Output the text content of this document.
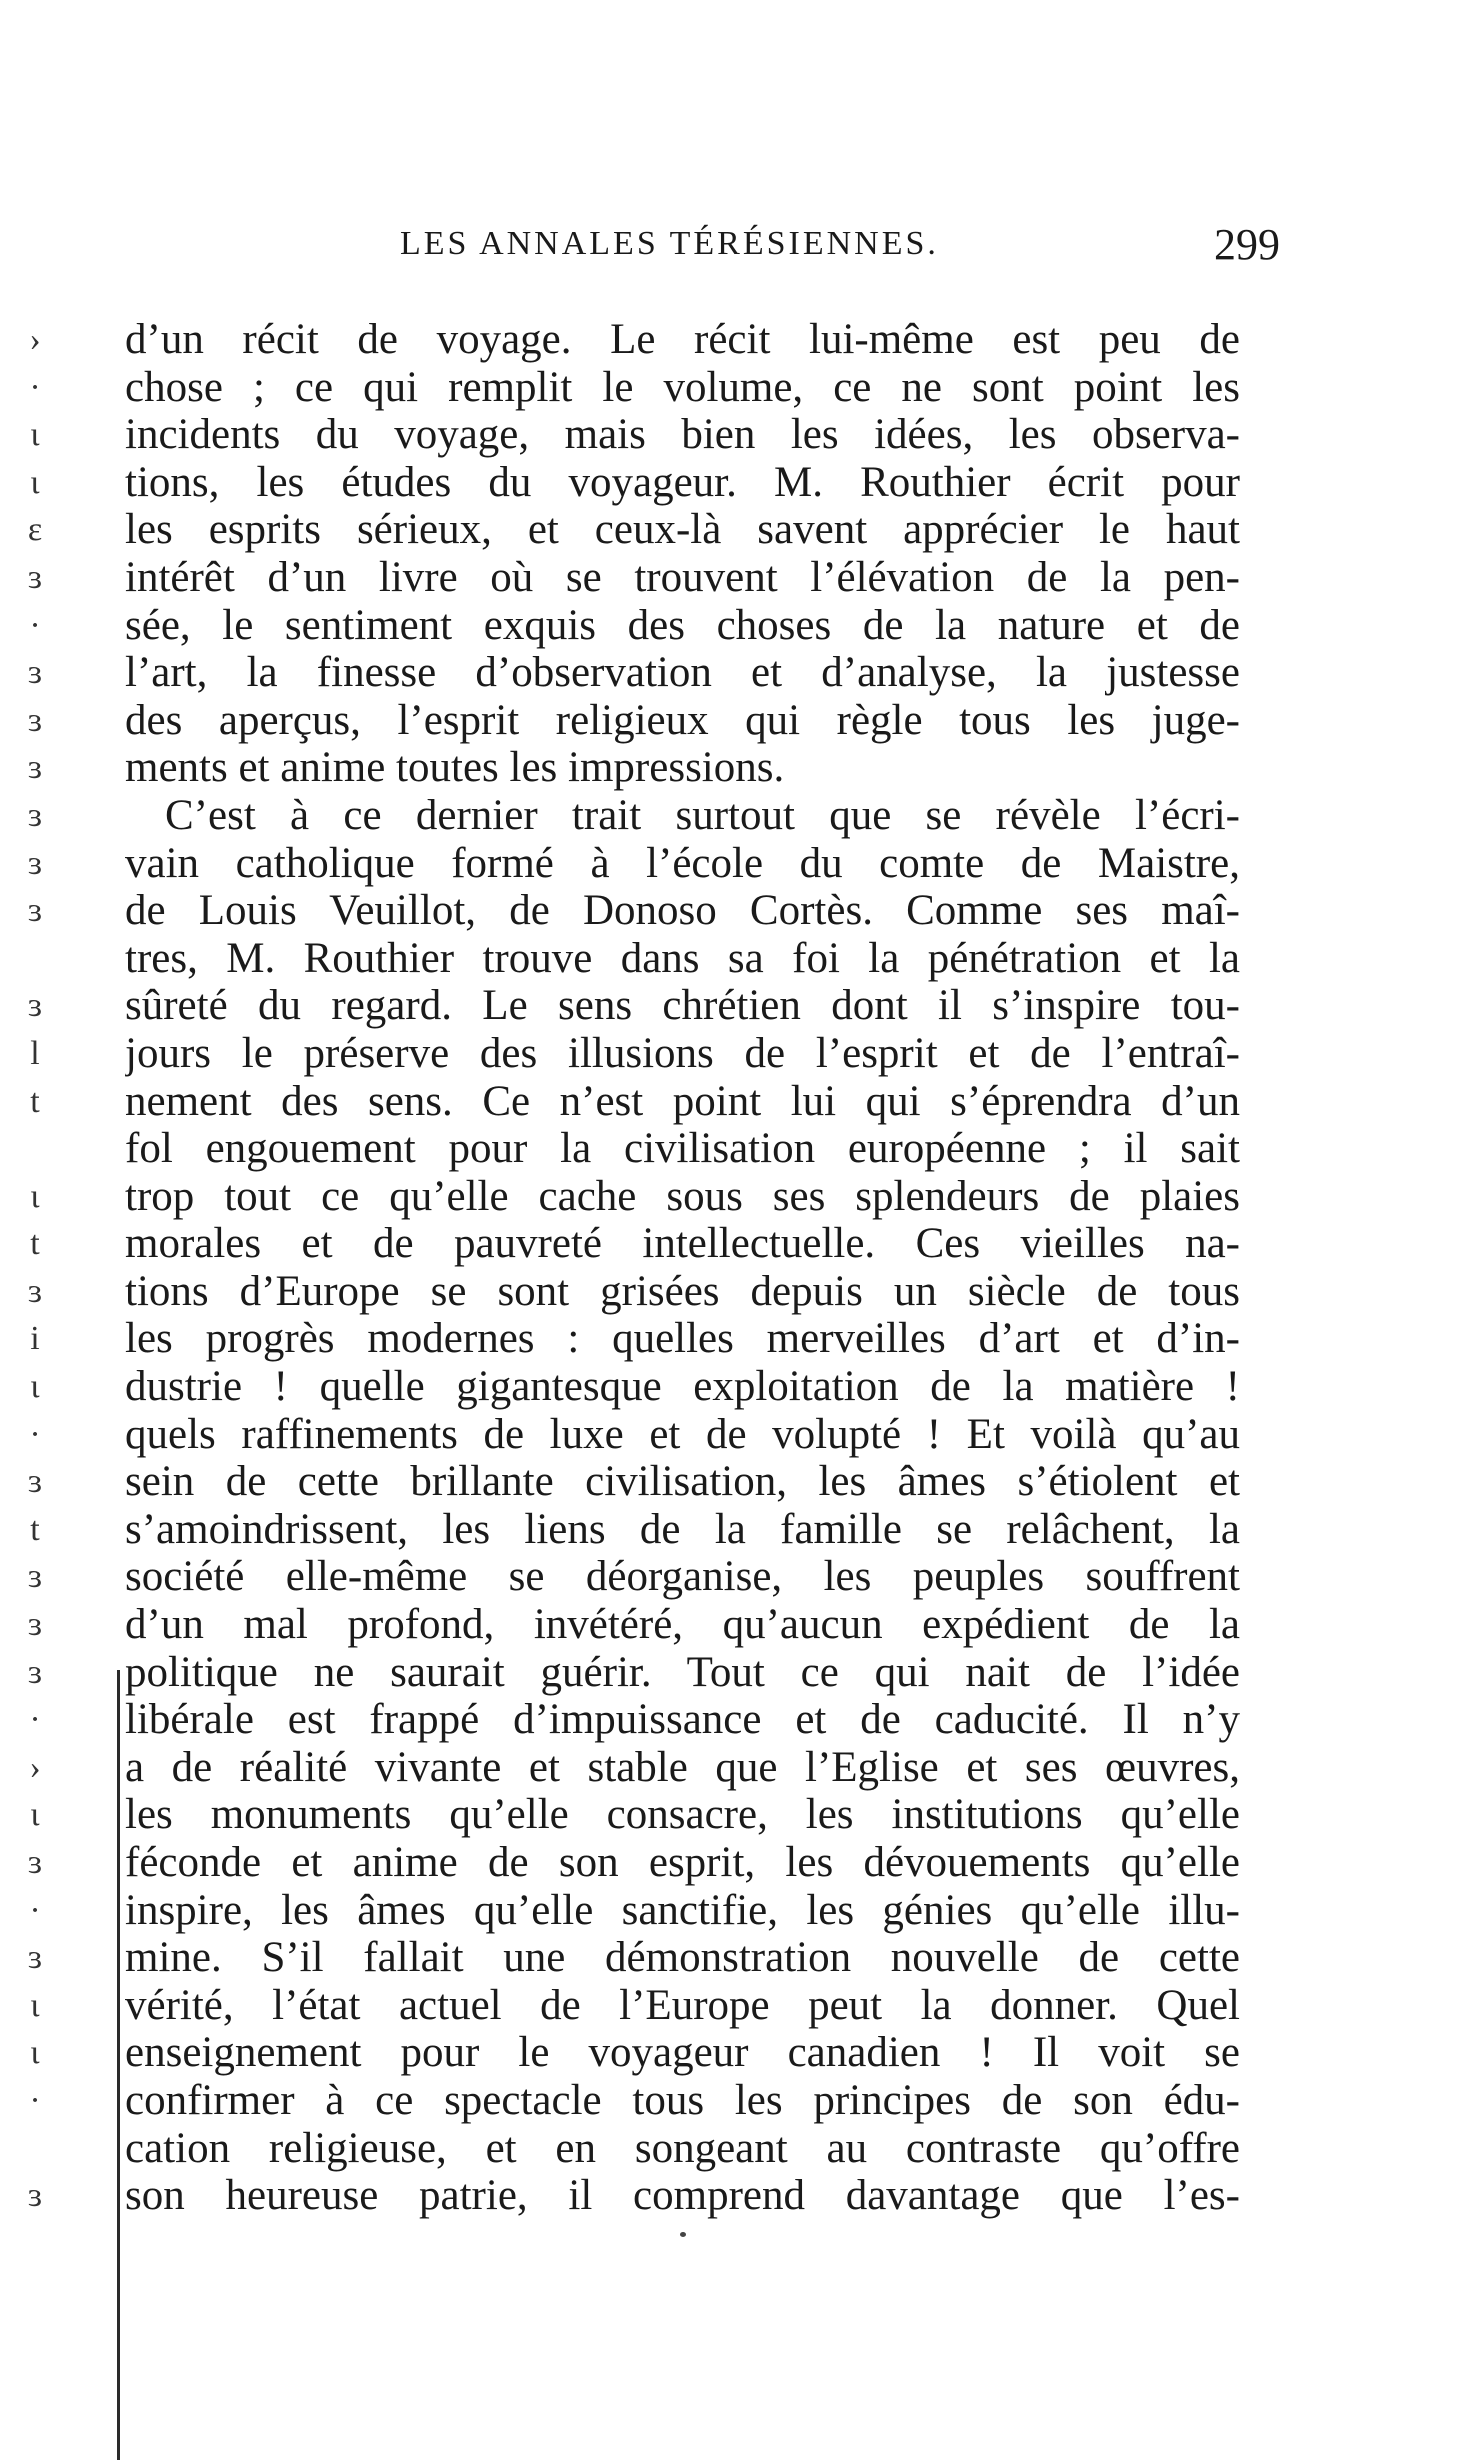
LES ANNALES TÉRÉSIENNES.	299
›
·
ι
ι
ε
ɜ
·
ɜ
ɜ
ɜ
ɜ
ɜ
ɜ
ɜ
l
t
ι
t
ɜ
i
ι
·
ɜ
t
ɜ
ɜ
ɜ
·
›
ι
ɜ
·
ɜ
ι
ι
·
ɜ
d’un récit de voyage. Le récit lui-même est peu de
chose ; ce qui remplit le volume, ce ne sont point les
incidents du voyage, mais bien les idées, les observa-
tions, les études du voyageur. M. Routhier écrit pour
les esprits sérieux, et ceux-là savent apprécier le haut
intérêt d’un livre où se trouvent l’élévation de la pen-
sée, le sentiment exquis des choses de la nature et de
l’art, la finesse d’observation et d’analyse, la justesse
des aperçus, l’esprit religieux qui règle tous les juge-
ments et anime toutes les impressions.
C’est à ce dernier trait surtout que se révèle l’écri-
vain catholique formé à l’école du comte de Maistre,
de Louis Veuillot, de Donoso Cortès. Comme ses maî-
tres, M. Routhier trouve dans sa foi la pénétration et la
sûreté du regard. Le sens chrétien dont il s’inspire tou-
jours le préserve des illusions de l’esprit et de l’entraî-
nement des sens. Ce n’est point lui qui s’éprendra d’un
fol engouement pour la civilisation européenne ; il sait
trop tout ce qu’elle cache sous ses splendeurs de plaies
morales et de pauvreté intellectuelle. Ces vieilles na-
tions d’Europe se sont grisées depuis un siècle de tous
les progrès modernes : quelles merveilles d’art et d’in-
dustrie ! quelle gigantesque exploitation de la matière !
quels raffinements de luxe et de volupté ! Et voilà qu’au
sein de cette brillante civilisation, les âmes s’étiolent et
s’amoindrissent, les liens de la famille se relâchent, la
société elle-même se déorganise, les peuples souffrent
d’un mal profond, invétéré, qu’aucun expédient de la
politique ne saurait guérir. Tout ce qui nait de l’idée
libérale est frappé d’impuissance et de caducité. Il n’y
a de réalité vivante et stable que l’Eglise et ses œuvres,
les monuments qu’elle consacre, les institutions qu’elle
féconde et anime de son esprit, les dévouements qu’elle
inspire, les âmes qu’elle sanctifie, les génies qu’elle illu-
mine. S’il fallait une démonstration nouvelle de cette
vérité, l’état actuel de l’Europe peut la donner. Quel
enseignement pour le voyageur canadien ! Il voit se
confirmer à ce spectacle tous les principes de son édu-
cation religieuse, et en songeant au contraste qu’offre
son heureuse patrie, il comprend davantage que l’es-
